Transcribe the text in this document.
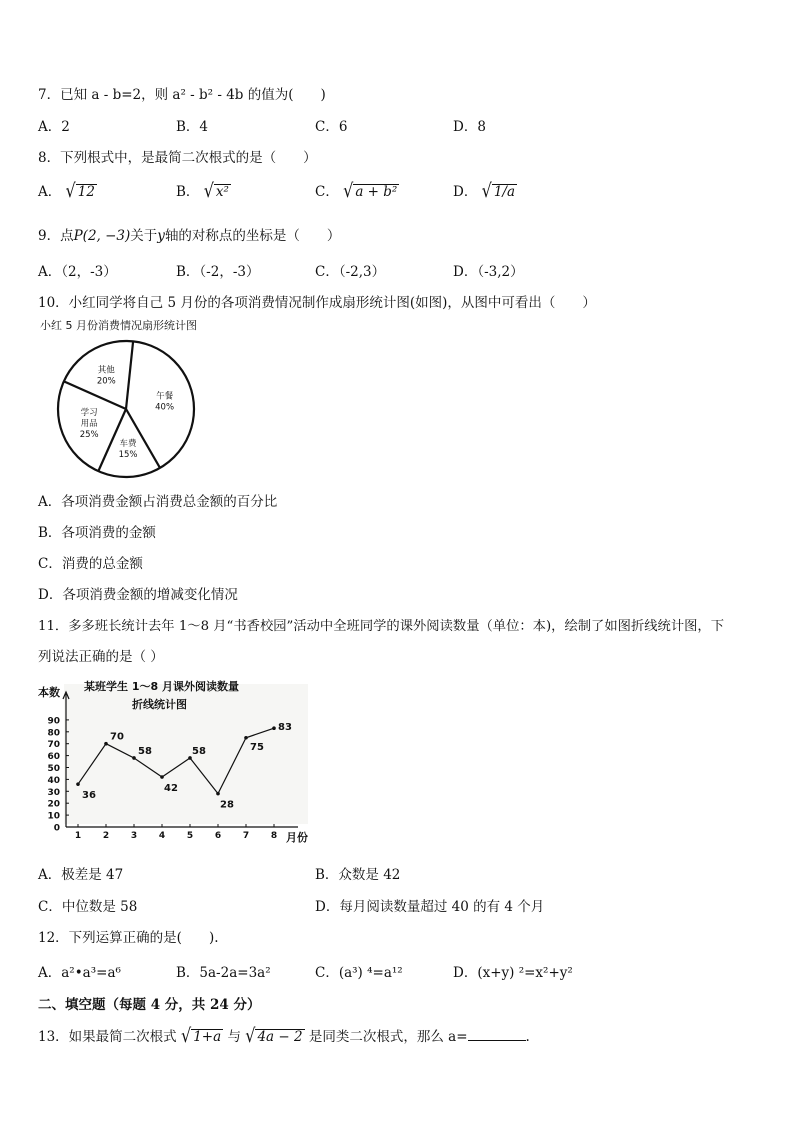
7．已知 a - b=2，则 a² - b² - 4b 的值为(　　)
A．2	B．4	C．6	D．8
8．下列根式中，是最简二次根式的是（　　）
A． √ 12	B． √ x²	C． √ a + b²	D． √ 1/a
9．点P(2, −3)关于y轴的对称点的坐标是（　　）
A．（2，-3）	B．（-2，-3）	C．（-2,3）	D．（-3,2）
10．小红同学将自己 5 月份的各项消费情况制作成扇形统计图(如图)，从图中可看出（　　）
小红 5 月份消费情况扇形统计图
午餐 40%
车费 15%
学习用品 25%
其他 20%
A．各项消费金额占消费总金额的百分比
B．各项消费的金额
C．消费的总金额
D．各项消费金额的增减变化情况
11．多多班长统计去年 1～8 月“书香校园”活动中全班同学的课外阅读数量（单位：本)，绘制了如图折线统计图，下
列说法正确的是（ ）
本数 某班学生 1～8 月课外阅读数量
折线统计图
月份
0
10
20
30
40
50
60
70
80
90
1 2 3 4 5 6 7 8
36
70
58
42
58
28
75
83
A．极差是 47	B．众数是 42
C．中位数是 58	D．每月阅读数量超过 40 的有 4 个月
12．下列运算正确的是(　　).
A．a²•a³=a⁶	B．5a-2a=3a²	C．(a³) ⁴=a¹²	D．(x+y) ²=x²+y²
二、填空题（每题 4 分，共 24 分）
13．如果最简二次根式 √ 1+a 与 √ 4a − 2 是同类二次根式，那么 a=	.
